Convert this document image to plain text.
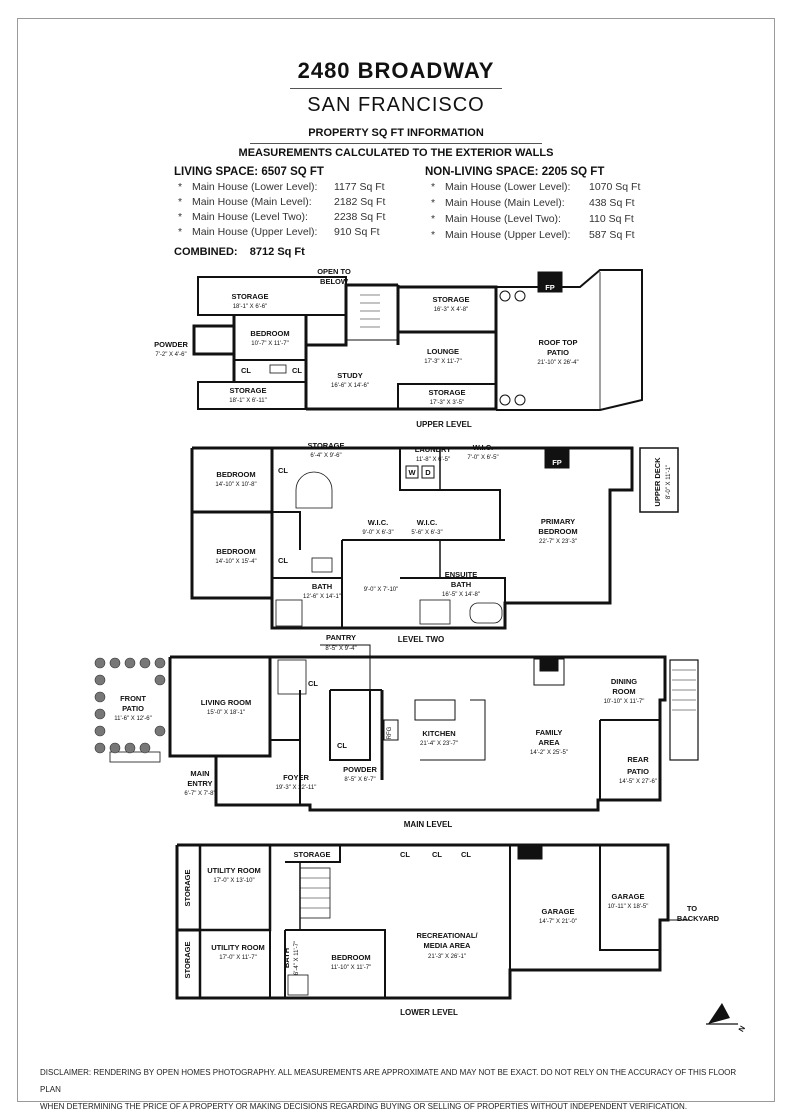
2480 BROADWAY
SAN FRANCISCO
PROPERTY SQ FT INFORMATION
MEASUREMENTS CALCULATED TO THE EXTERIOR WALLS
LIVING SPACE: 6507 SQ FT
* Main House (Lower Level): 1177 Sq Ft
* Main House (Main Level): 2182 Sq Ft
* Main House (Level Two): 2238 Sq Ft
* Main House (Upper Level): 910 Sq Ft
COMBINED: 8712 Sq Ft
NON-LIVING SPACE: 2205 SQ FT
* Main House (Lower Level): 1070 Sq Ft
* Main House (Main Level): 438 Sq Ft
* Main House (Level Two):	110 Sq Ft
* Main House (Upper Level): 587 Sq Ft
STORAGE
18'-1" X 6'-6"
OPEN TO
BELOW
STORAGE
16'-3" X 4'-8"
BEDROOM
10'-7" X 11'-7"
POWDER
7'-2" X 4'-6"	LOUNGE
17'-3" X 11'-7"
STUDY
16'-6" X 14'-6"
STORAGE
18'-1" X 6'-11"
STORAGE
17'-3" X 3'-5"
ROOF TOP
PATIO
21'-10" X 26'-4"
CL	CL
FP
UPPER LEVEL
STORAGE
6'-4" X 9'-6"
LAUNDRY
11'-8" X 6'-5"
W.I.C.
7'-0" X 6'-5"
BEDROOM
14'-10" X 10'-8"
W.I.C.
9'-0" X 6'-3"
W.I.C.
5'-6" X 6'-3"
PRIMARY
BEDROOM
22'-7" X 23'-3"
BEDROOM
14'-10" X 15'-4"
ENSUITE
BATH
16'-5" X 14'-8"
BATH
12'-6" X 14'-1"
9'-0" X 7'-10"
CL
CL
FP
W D
LEVEL TWO
UPPER DECK 8'-0" X 11'-1"
PANTRY
8'-5" X 9'-4"
FRONT
PATIO
11'-6" X 12'-6"
LIVING ROOM
15'-0" X 18'-1"
DINING
ROOM
10'-10" X 11'-7"
KITCHEN
21'-4" X 23'-7"
FAMILY
AREA
14'-2" X 25'-5"
REAR
PATIO
14'-5" X 27'-6"
MAIN
ENTRY
6'-7" X 7'-8"
FOYER
19'-3" X 22'-11"
POWDER
8'-5" X 6'-7"
CL
CL
FP
RFG
MAIN LEVEL
STORAGE
UTILITY ROOM
17'-0" X 13'-10"
STORAGE	GARAGE
10'-11" X 18'-5"	TO
BACKYARD
GARAGE
14'-7" X 21'-0"
RECREATIONAL/
MEDIA AREA
21'-3" X 26'-1"
UTILITY ROOM
17'-0" X 11'-7"
STORAGE	BATH 6'-4" X 11'-7"	BEDROOM
11'-10" X 11'-7"
CL	CL	CL
LOWER LEVEL
N
DISCLAIMER: RENDERING BY OPEN HOMES PHOTOGRAPHY. ALL MEASUREMENTS ARE APPROXIMATE AND MAY NOT BE EXACT. DO NOT RELY ON THE ACCURACY OF THIS FLOOR PLAN
WHEN DETERMINING THE PRICE OF A PROPERTY OR MAKING DECISIONS REGARDING BUYING OR SELLING OF PROPERTIES WITHOUT INDEPENDENT VERIFICATION.
